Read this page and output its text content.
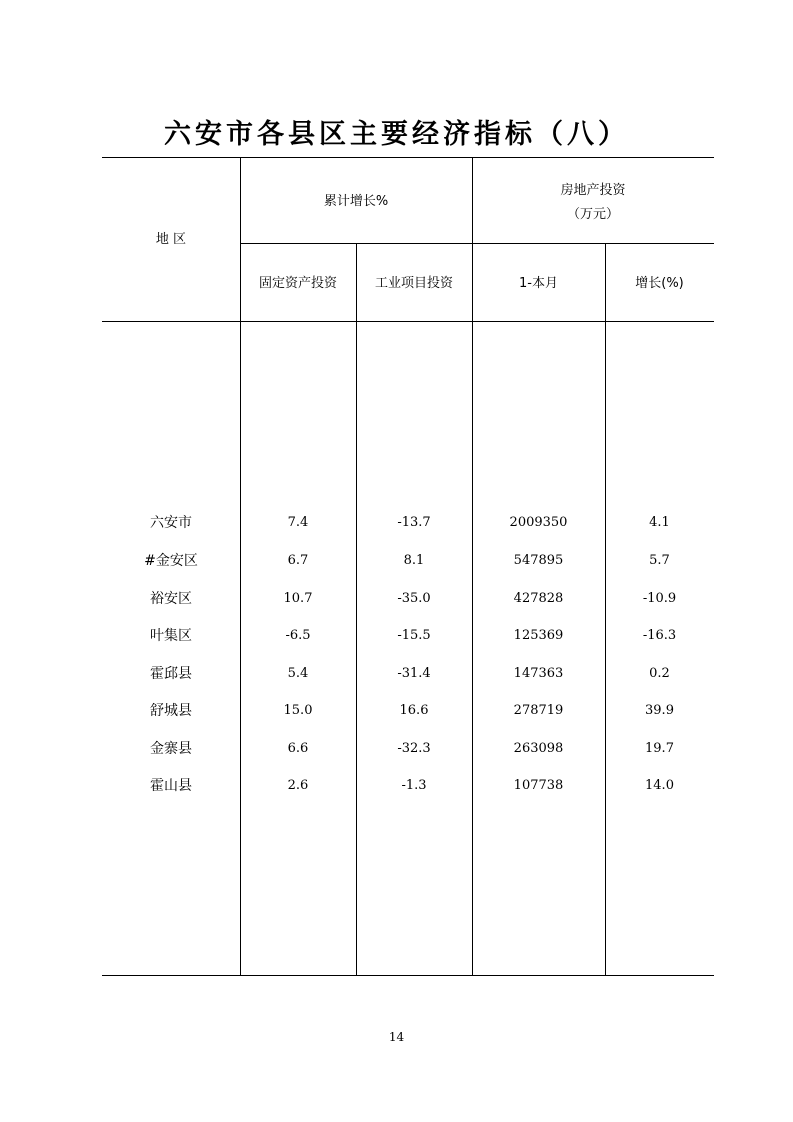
六安市各县区主要经济指标（八）
地 区
累计增长%
房地产投资
（万元）
固定资产投资	工业项目投资	1-本月	增长(%)
六安市	7.4	-13.7	2009350	4.1
#金安区	6.7	8.1	547895	5.7
裕安区	10.7	-35.0	427828	-10.9
叶集区	-6.5	-15.5	125369	-16.3
霍邱县	5.4	-31.4	147363	0.2
舒城县	15.0	16.6	278719	39.9
金寨县	6.6	-32.3	263098	19.7
霍山县	2.6	-1.3	107738	14.0
14
